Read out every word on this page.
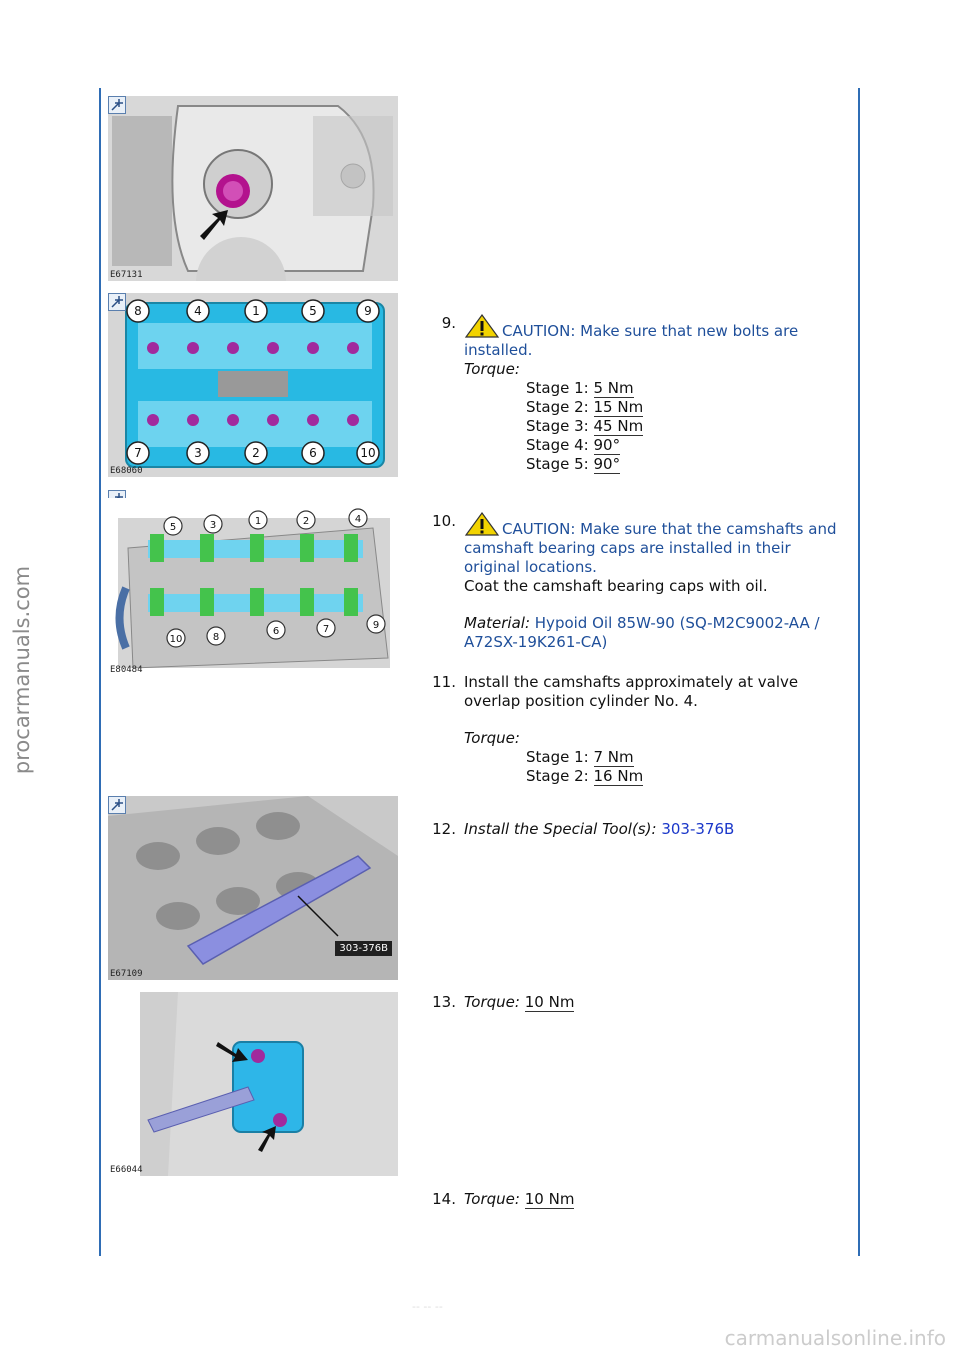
procarmanuals.com
carmanualsonline.info
-- -- --
E67131
8	4	1	5	9
7	3	2	6	10
E68060
5	3	1	2	4
10	8
6	7	9
E80484
303-376B
E67109
E66044
9.	CAUTION: Make sure that new bolts are installed.
Torque:
Stage 1: 5 Nm
Stage 2: 15 Nm
Stage 3: 45 Nm
Stage 4: 90°
Stage 5: 90°
10.	CAUTION: Make sure that the camshafts and camshaft bearing caps are installed in their original locations.
Coat the camshaft bearing caps with oil.
Material: Hypoid Oil 85W-90 (SQ-M2C9002-AA / A72SX-19K261-CA)
11. Install the camshafts approximately at valve overlap position cylinder No. 4.
Torque:
Stage 1: 7 Nm
Stage 2: 16 Nm
12. Install the Special Tool(s): 303-376B
13. Torque: 10 Nm
14. Torque: 10 Nm
